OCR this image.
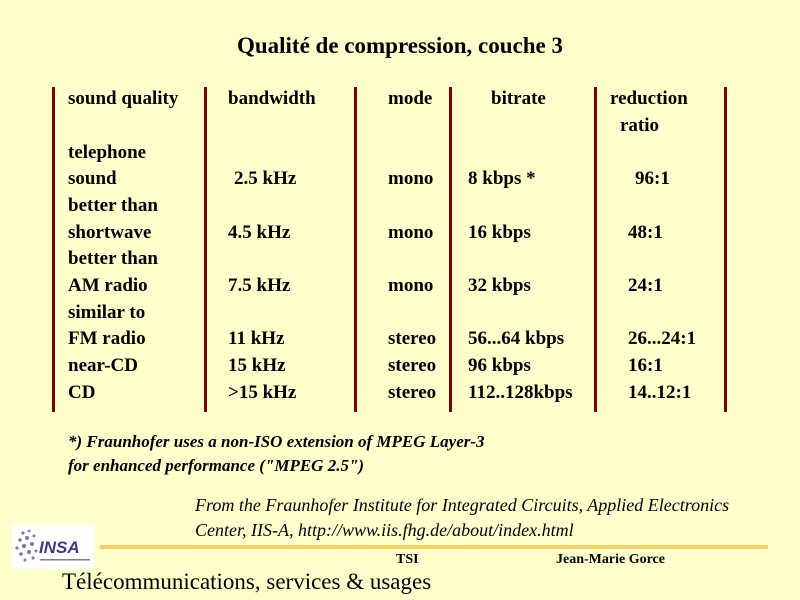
Qualité de compression, couche 3
sound quality	bandwidth	mode	bitrate	reduction
ratio
telephone
sound	2.5 kHz	mono 8 kbps *	96:1
better than
shortwave	4.5 kHz	mono 16 kbps	48:1
better than
AM radio	7.5 kHz	mono 32 kbps	24:1
similar to
FM radio	11 kHz	stereo 56...64 kbps	26...24:1
near-CD	15 kHz	stereo 96 kbps	16:1
CD	>15 kHz	stereo 112..128kbps	14..12:1
*) Fraunhofer uses a non-ISO extension of MPEG Layer-3
for enhanced performance ("MPEG 2.5")
From the Fraunhofer Institute for Integrated Circuits, Applied Electronics
Center, IIS-A, http://www.iis.fhg.de/about/index.html
INSA
TSI	Jean-Marie Gorce
Télécommunications, services & usages
